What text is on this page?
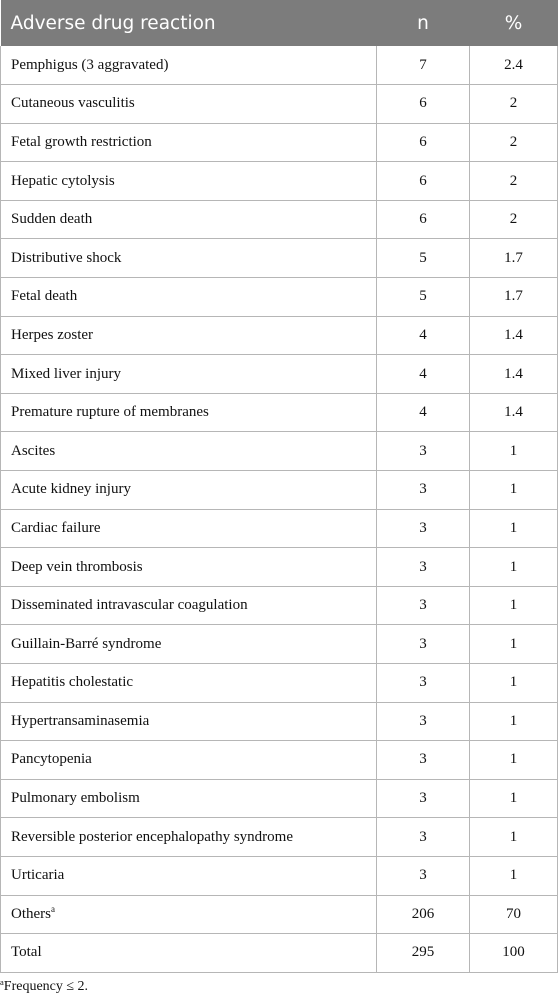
Adverse drug reaction	n	%
Pemphigus (3 aggravated)	7	2.4
Cutaneous vasculitis	6	2
Fetal growth restriction	6	2
Hepatic cytolysis	6	2
Sudden death	6	2
Distributive shock	5	1.7
Fetal death	5	1.7
Herpes zoster	4	1.4
Mixed liver injury	4	1.4
Premature rupture of membranes	4	1.4
Ascites	3	1
Acute kidney injury	3	1
Cardiac failure	3	1
Deep vein thrombosis	3	1
Disseminated intravascular coagulation	3	1
Guillain-Barré syndrome	3	1
Hepatitis cholestatic	3	1
Hypertransaminasemia	3	1
Pancytopenia	3	1
Pulmonary embolism	3	1
Reversible posterior encephalopathy syndrome	3	1
Urticaria	3	1
Others$^a$	206	70
Total	295	100
$^a$Frequency ≤ 2.
